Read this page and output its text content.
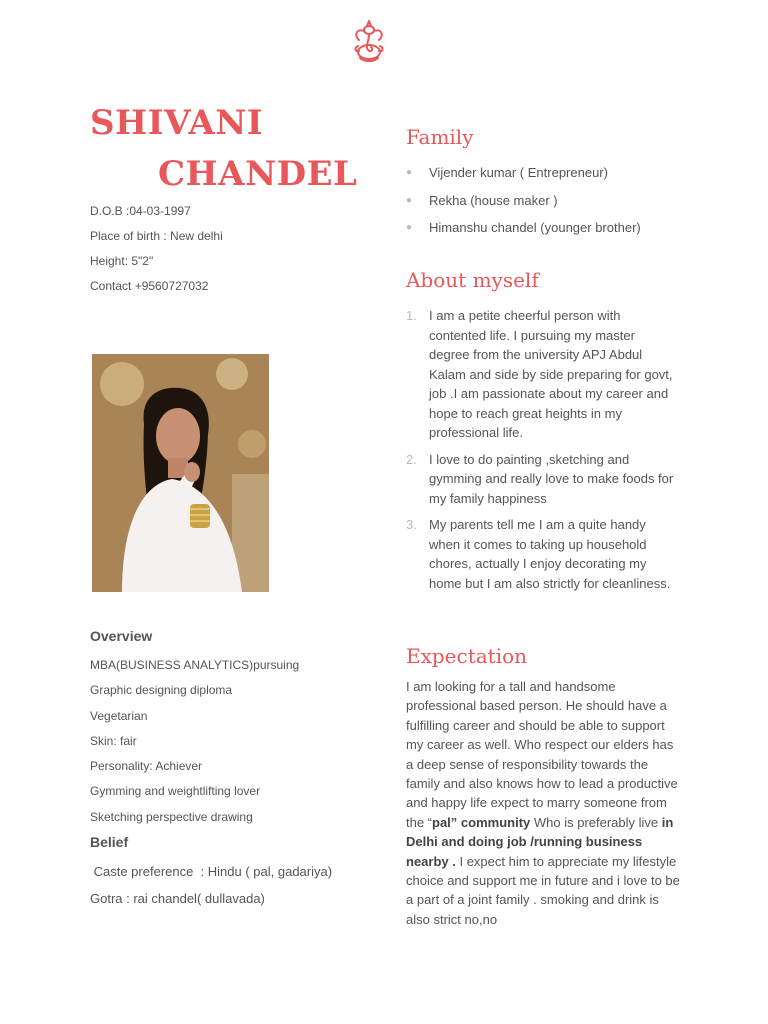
SHIVANI
CHANDEL
D.O.B :04-03-1997
Place of birth : New delhi
Height: 5"2"
Contact +9560727032
Overview
MBA(BUSINESS ANALYTICS)pursuing
Graphic designing diploma
Vegetarian
Skin: fair
Personality: Achiever
Gymming and weightlifting lover
Sketching perspective drawing
Belief
Caste preference  : Hindu ( pal, gadariya)
Gotra : rai chandel( dullavada)
Family
●	Vijender kumar ( Entrepreneur)
●	Rekha (house maker )
●	Himanshu chandel (younger brother)
About myself
1. I am a petite cheerful person with contented life. I pursuing my master degree from the university APJ Abdul Kalam and side by side preparing for govt, job .I am passionate about my career and hope to reach great heights in my professional life.
2. I love to do painting ,sketching and gymming and really love to make foods for my family happiness
3. My parents tell me I am a quite handy when it comes to taking up household chores, actually I enjoy decorating my home but I am also strictly for cleanliness.
Expectation
I am looking for a tall and handsome professional based person. He should have a fulfilling career and should be able to support my career as well. Who respect our elders has a deep sense of responsibility towards the family and also knows how to lead a productive and happy life expect to marry someone from the “pal” community Who is preferably live in Delhi and doing job /running business nearby . I expect him to appreciate my lifestyle choice and support me in future and i love to be a part of a joint family . smoking and drink is also strict no,no
